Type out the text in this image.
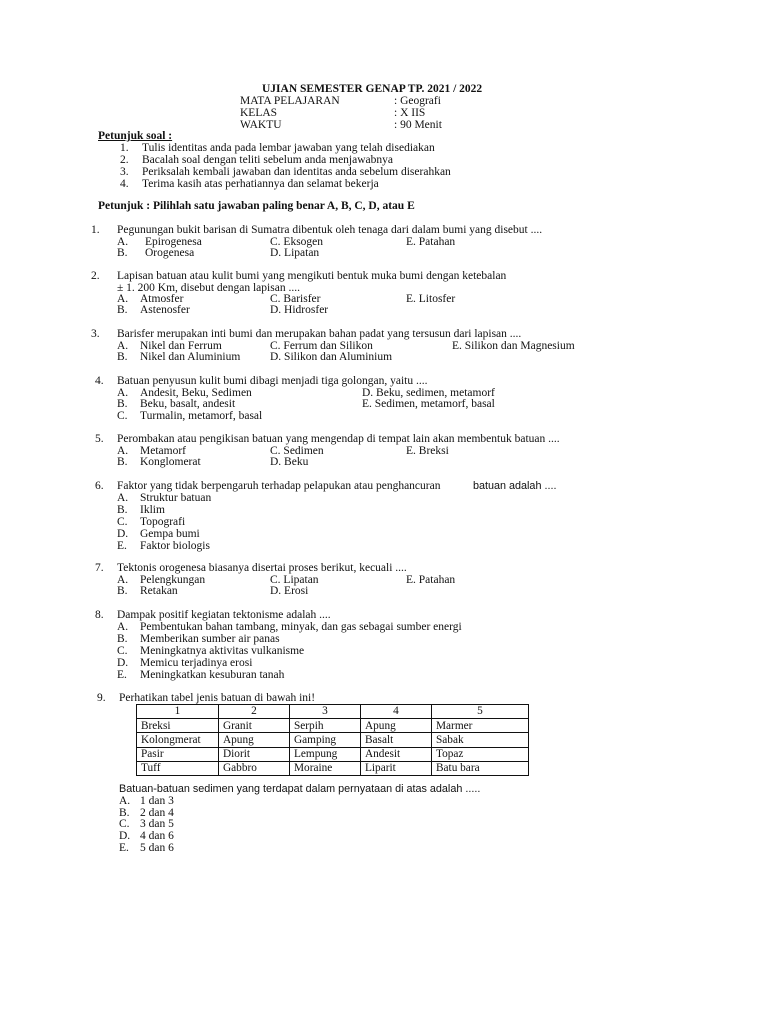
UJIAN SEMESTER GENAP TP. 2021 / 2022
MATA PELAJARAN	: Geografi
KELAS	: X IIS
WAKTU	: 90 Menit
Petunjuk soal :
1. Tulis identitas anda pada lembar jawaban yang telah disediakan
2. Bacalah soal dengan teliti sebelum anda menjawabnya
3. Periksalah kembali jawaban dan identitas anda sebelum diserahkan
4. Terima kasih atas perhatiannya dan selamat bekerja
Petunjuk : Pilihlah satu jawaban paling benar A, B, C, D, atau E
1. Pegunungan bukit barisan di Sumatra dibentuk oleh tenaga dari dalam bumi yang disebut ....
A. Epirogenesa	C. Eksogen	E. Patahan
B. Orogenesa	D. Lipatan
2. Lapisan batuan atau kulit bumi yang mengikuti bentuk muka bumi dengan ketebalan
± 1. 200 Km, disebut dengan lapisan ....
A. Atmosfer	C. Barisfer	E. Litosfer
B. Astenosfer	D. Hidrosfer
3. Barisfer merupakan inti bumi dan merupakan bahan padat yang tersusun dari lapisan ....
A. Nikel dan Ferrum	C. Ferrum dan Silikon	E. Silikon dan Magnesium
B. Nikel dan Aluminium	D. Silikon dan Aluminium
4. Batuan penyusun kulit bumi dibagi menjadi tiga golongan, yaitu ....
A. Andesit, Beku, Sedimen	D. Beku, sedimen, metamorf
B. Beku, basalt, andesit	E. Sedimen, metamorf, basal
C. Turmalin, metamorf, basal
5. Perombakan atau pengikisan batuan yang mengendap di tempat lain akan membentuk batuan ....
A. Metamorf	C. Sedimen	E. Breksi
B. Konglomerat	D. Beku
6. Faktor yang tidak berpengaruh terhadap pelapukan atau penghancuran	batuan adalah ....
A. Struktur batuan
B. Iklim
C. Topografi
D. Gempa bumi
E. Faktor biologis
7. Tektonis orogenesa biasanya disertai proses berikut, kecuali ....
A. Pelengkungan	C. Lipatan	E. Patahan
B. Retakan	D. Erosi
8. Dampak positif kegiatan tektonisme adalah ....
A. Pembentukan bahan tambang, minyak, dan gas sebagai sumber energi
B. Memberikan sumber air panas
C. Meningkatnya aktivitas vulkanisme
D. Memicu terjadinya erosi
E. Meningkatkan kesuburan tanah
9. Perhatikan tabel jenis batuan di bawah ini!
1	2	3	4	5
Breksi	Granit	Serpih	Apung	Marmer
Kolongmerat	Apung	Gamping	Basalt	Sabak
Pasir	Diorit	Lempung	Andesit	Topaz
Tuff	Gabbro	Moraine	Liparit	Batu bara
Batuan-batuan sedimen yang terdapat dalam pernyataan di atas adalah .....
A. 1 dan 3
B. 2 dan 4
C. 3 dan 5
D. 4 dan 6
E. 5 dan 6
